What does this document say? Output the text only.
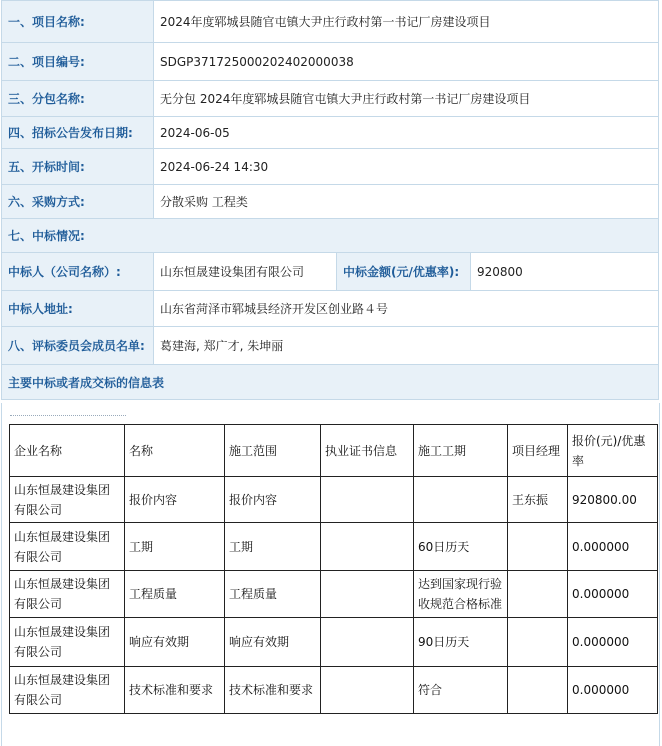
一、项目名称:	2024年度郓城县随官屯镇大尹庄行政村第一书记厂房建设项目		
二、项目编号:	SDGP371725000202402000038		
三、分包名称:	无分包 2024年度郓城县随官屯镇大尹庄行政村第一书记厂房建设项目		
四、招标公告发布日期:	2024-06-05		
五、开标时间:	2024-06-24 14:30		
六、采购方式:	分散采购 工程类		
七、中标情况:			
中标人（公司名称）:	山东恒晟建设集团有限公司	中标金额(元/优惠率):	920800
中标人地址:	山东省菏泽市郓城县经济开发区创业路４号		
八、评标委员会成员名单:	葛建海, 郑广才, 朱坤丽		
主要中标或者成交标的信息表			
企业名称	名称	施工范围	执业证书信息	施工工期	项目经理	报价(元)/优惠率
山东恒晟建设集团有限公司	报价内容	报价内容			王东振	920800.00
山东恒晟建设集团有限公司	工期	工期		60日历天		0.000000
山东恒晟建设集团有限公司	工程质量	工程质量		达到国家现行验收规范合格标准		0.000000
山东恒晟建设集团有限公司	响应有效期	响应有效期		90日历天		0.000000
山东恒晟建设集团有限公司	技术标准和要求	技术标准和要求		符合		0.000000
